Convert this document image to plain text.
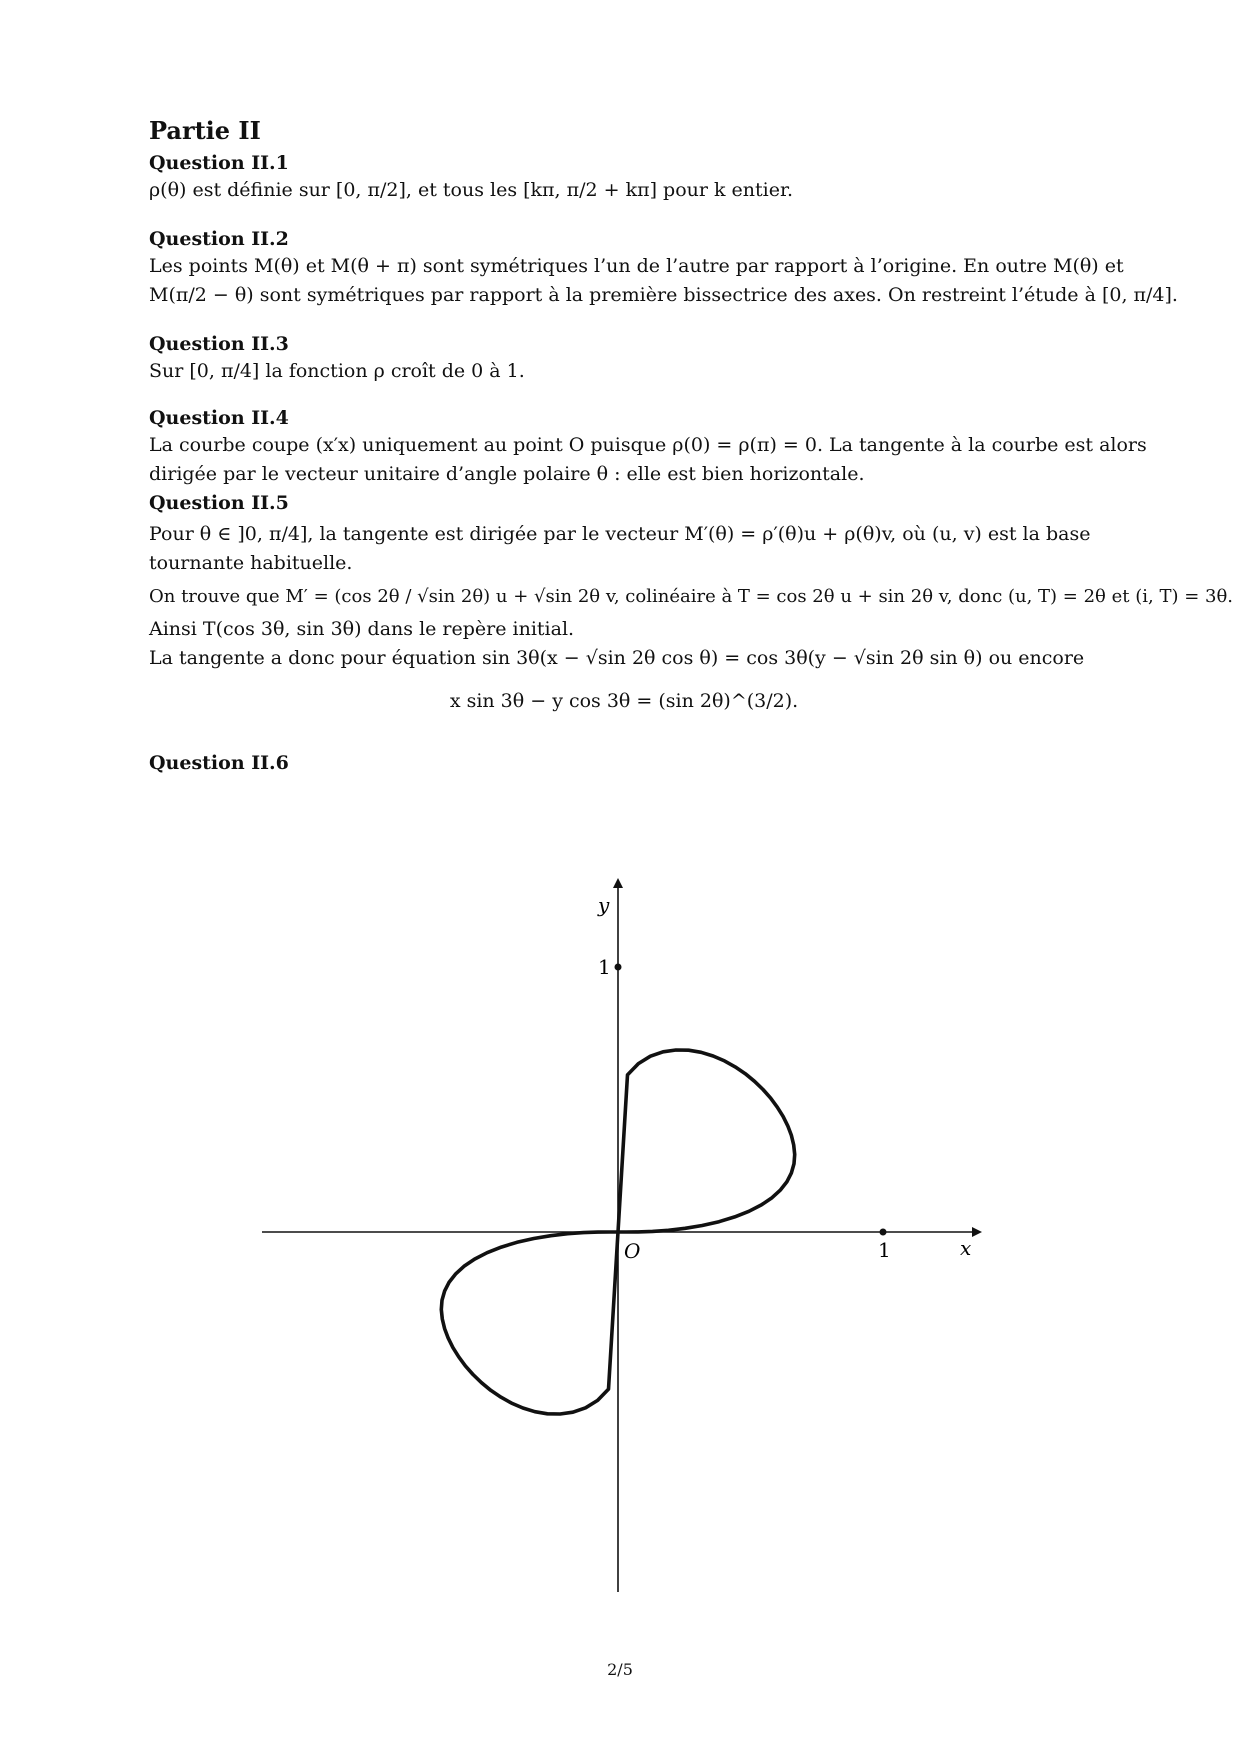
Partie II
Question II.1
ρ(θ) est définie sur [0, π/2], et tous les [kπ, π/2 + kπ] pour k entier.
Question II.2
Les points M(θ) et M(θ + π) sont symétriques l’un de l’autre par rapport à l’origine. En outre M(θ) et
M(π/2 − θ) sont symétriques par rapport à la première bissectrice des axes. On restreint l’étude à [0, π/4].
Question II.3
Sur [0, π/4] la fonction ρ croît de 0 à 1.
Question II.4
La courbe coupe (x′x) uniquement au point O puisque ρ(0) = ρ(π) = 0. La tangente à la courbe est alors
dirigée par le vecteur unitaire d’angle polaire θ : elle est bien horizontale.
Question II.5
Pour θ ∈ ]0, π/4], la tangente est dirigée par le vecteur M′(θ) = ρ′(θ)u + ρ(θ)v, où (u, v) est la base
tournante habituelle.
On trouve que M′ = (cos 2θ / √sin 2θ) u + √sin 2θ v, colinéaire à T = cos 2θ u + sin 2θ v, donc (u, T) = 2θ et (i, T) = 3θ.
Ainsi T(cos 3θ, sin 3θ) dans le repère initial.
La tangente a donc pour équation sin 3θ(x − √sin 2θ cos θ) = cos 3θ(y − √sin 2θ sin θ) ou encore
x sin 3θ − y cos 3θ = (sin 2θ)^(3/2).
Question II.6
1
1
x
y
O
2/5
